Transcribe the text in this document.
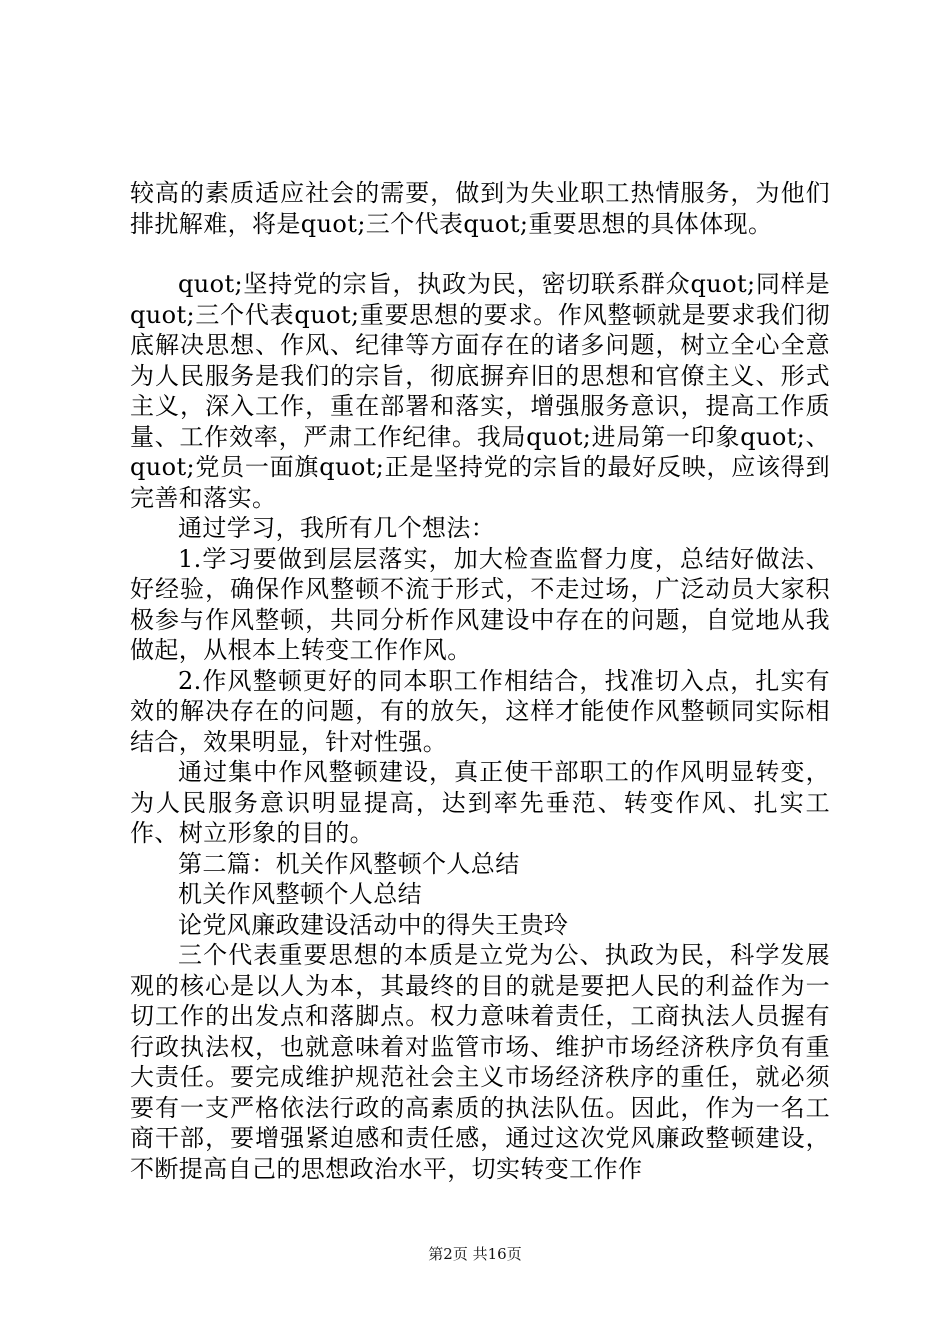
较高的素质适应社会的需要，做到为失业职工热情服务，为他们排扰解难，将是quot;三个代表quot;重要思想的具体体现。

quot;坚持党的宗旨，执政为民，密切联系群众quot;同样是quot;三个代表quot;重要思想的要求。作风整顿就是要求我们彻底解决思想、作风、纪律等方面存在的诸多问题，树立全心全意为人民服务是我们的宗旨，彻底摒弃旧的思想和官僚主义、形式主义，深入工作，重在部署和落实，增强服务意识，提高工作质量、工作效率，严肃工作纪律。我局quot;进局第一印象quot;、quot;党员一面旗quot;正是坚持党的宗旨的最好反映，应该得到完善和落实。

通过学习，我所有几个想法：

1.学习要做到层层落实，加大检查监督力度，总结好做法、好经验，确保作风整顿不流于形式，不走过场，广泛动员大家积极参与作风整顿，共同分析作风建设中存在的问题，自觉地从我做起，从根本上转变工作作风。

2.作风整顿更好的同本职工作相结合，找准切入点，扎实有效的解决存在的问题，有的放矢，这样才能使作风整顿同实际相结合，效果明显，针对性强。

通过集中作风整顿建设，真正使干部职工的作风明显转变，为人民服务意识明显提高，达到率先垂范、转变作风、扎实工作、树立形象的目的。

第二篇：机关作风整顿个人总结

机关作风整顿个人总结

论党风廉政建设活动中的得失王贵玲

三个代表重要思想的本质是立党为公、执政为民，科学发展观的核心是以人为本，其最终的目的就是要把人民的利益作为一切工作的出发点和落脚点。权力意味着责任，工商执法人员握有行政执法权，也就意味着对监管市场、维护市场经济秩序负有重大责任。要完成维护规范社会主义市场经济秩序的重任，就必须要有一支严格依法行政的高素质的执法队伍。因此，作为一名工商干部，要增强紧迫感和责任感，通过这次党风廉政整顿建设，不断提高自己的思想政治水平，切实转变工作作

第2页 共16页
